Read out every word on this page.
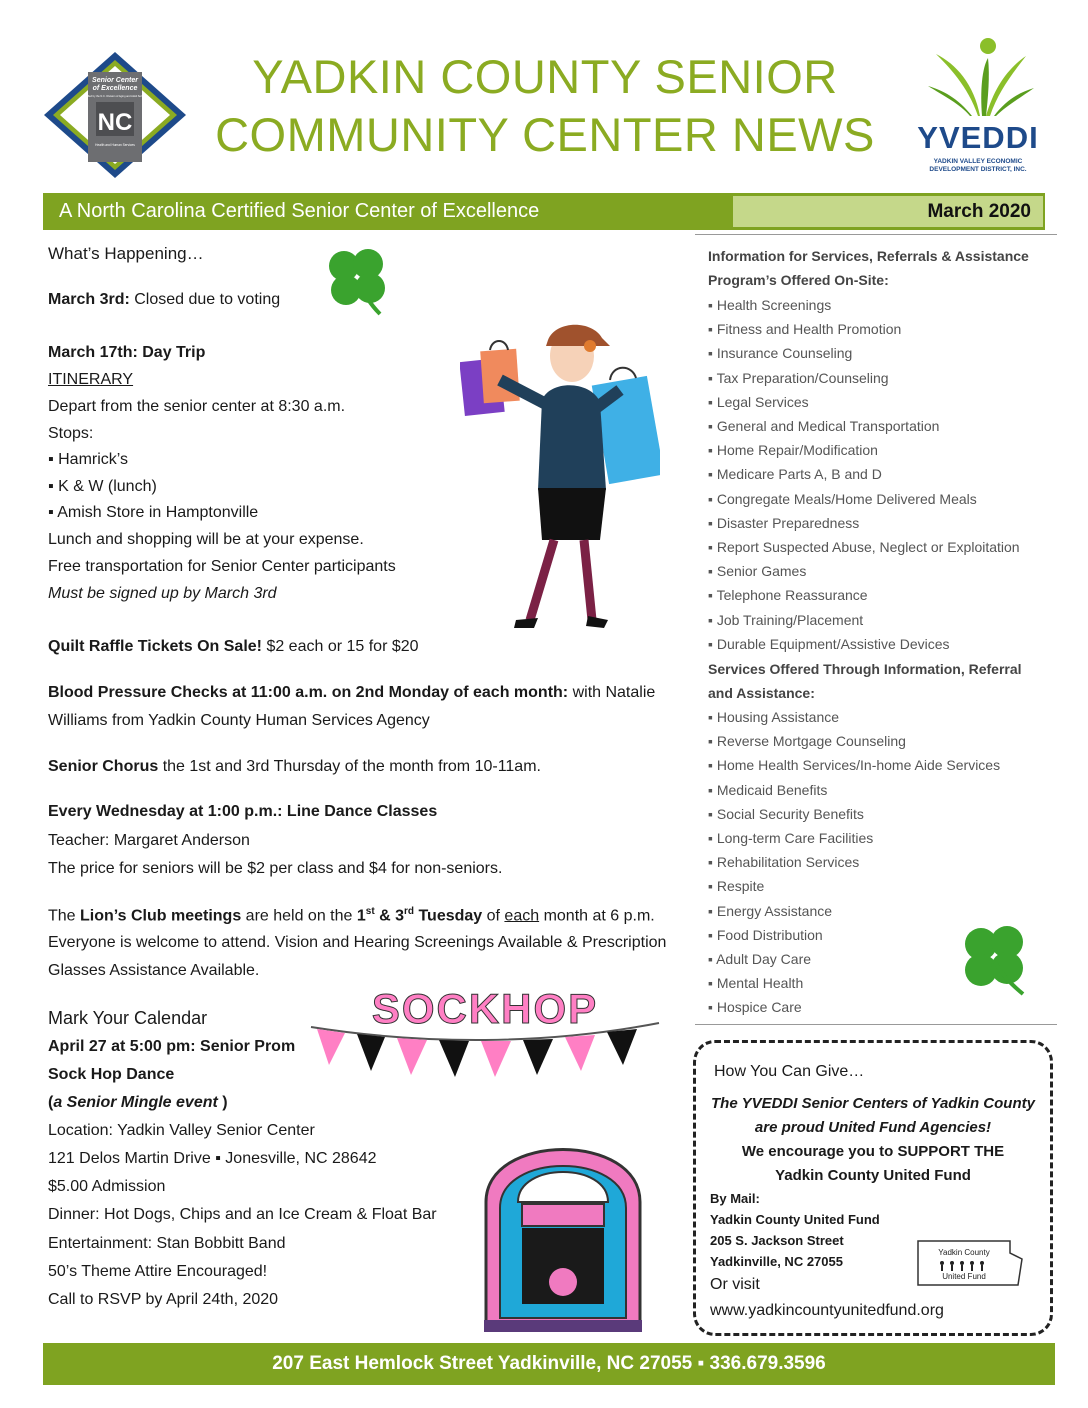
YADKIN COUNTY SENIOR
COMMUNITY CENTER NEWS
Senior Center
of Excellence
Certified by the N.C. Division of Aging and Adult Services
NC
Health and Human Services	YVEDDI
YADKIN VALLEY ECONOMIC
DEVELOPMENT DISTRICT, INC.
A North Carolina Certified Senior Center of Excellence	March 2020
What’s Happening…
March 3rd: Closed due to voting
March 17th: Day Trip
ITINERARY
Depart from the senior center at 8:30 a.m.
Stops:
▪ Hamrick’s
▪ K & W (lunch)
▪ Amish Store in Hamptonville
Lunch and shopping will be at your expense.
Free transportation for Senior Center participants
Must be signed up by March 3rd
Quilt Raffle Tickets On Sale! $2 each or 15 for $20
Blood Pressure Checks at 11:00 a.m. on 2nd Monday of each month: with Natalie
Williams from Yadkin County Human Services Agency
Senior Chorus the 1st and 3rd Thursday of the month from 10-11am.
Every Wednesday at 1:00 p.m.: Line Dance Classes
Teacher: Margaret Anderson
The price for seniors will be $2 per class and $4 for non-seniors.
The Lion’s Club meetings are held on the 1st & 3rd Tuesday of each month at 6 p.m.
Everyone is welcome to attend. Vision and Hearing Screenings Available & Prescription
Glasses Assistance Available.
Mark Your Calendar
April 27 at 5:00 pm: Senior Prom
Sock Hop Dance
(a Senior Mingle event )
Location: Yadkin Valley Senior Center
121 Delos Martin Drive ▪ Jonesville, NC 28642
$5.00 Admission
Dinner: Hot Dogs, Chips and an Ice Cream & Float Bar
Entertainment: Stan Bobbitt Band
50’s Theme Attire Encouraged!
Call to RSVP by April 24th, 2020
SOCKHOP
Information for Services, Referrals & Assistance
Program’s Offered On-Site:
▪ Health Screenings
▪ Fitness and Health Promotion
▪ Insurance Counseling
▪ Tax Preparation/Counseling
▪ Legal Services
▪ General and Medical Transportation
▪ Home Repair/Modification
▪ Medicare Parts A, B and D
▪ Congregate Meals/Home Delivered Meals
▪ Disaster Preparedness
▪ Report Suspected Abuse, Neglect or Exploitation
▪ Senior Games
▪ Telephone Reassurance
▪ Job Training/Placement
▪ Durable Equipment/Assistive Devices
Services Offered Through Information, Referral
and Assistance:
▪ Housing Assistance
▪ Reverse Mortgage Counseling
▪ Home Health Services/In-home Aide Services
▪ Medicaid Benefits
▪ Social Security Benefits
▪ Long-term Care Facilities
▪ Rehabilitation Services
▪ Respite
▪ Energy Assistance
▪ Food Distribution
▪ Adult Day Care
▪ Mental Health
▪ Hospice Care
How You Can Give…
The YVEDDI Senior Centers of Yadkin County
are proud United Fund Agencies!
We encourage you to SUPPORT THE
Yadkin County United Fund
By Mail:
Yadkin County United Fund
205 S. Jackson Street
Yadkinville, NC 27055
Or visit
www.yadkincountyunitedfund.org
Yadkin County
United Fund
207 East Hemlock Street Yadkinville, NC 27055 ▪ 336.679.3596
